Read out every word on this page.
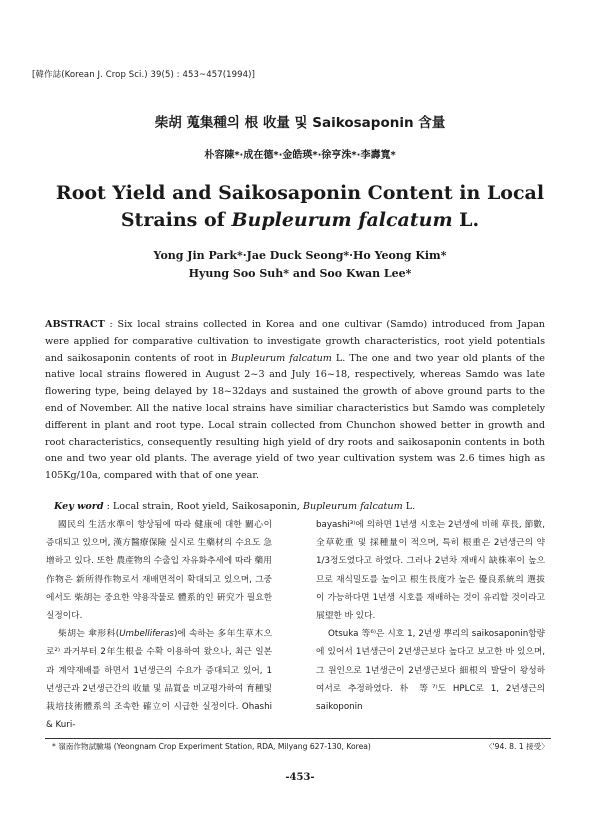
[韓作誌(Korean J. Crop Sci.) 39(5) : 453~457(1994)]
柴胡 蒐集種의 根 收量 및 Saikosaponin 含量
朴容陳*·成在德*·金皓瑛*·徐亨洙*·李壽寬*
Root Yield and Saikosaponin Content in Local
Strains of Bupleurum falcatum L.
Yong Jin Park*·Jae Duck Seong*·Ho Yeong Kim*
Hyung Soo Suh* and Soo Kwan Lee*
ABSTRACT : Six local strains collected in Korea and one cultivar (Samdo) introduced from Japan were applied for comparative cultivation to investigate growth characteristics, root yield potentials and saikosaponin contents of root in Bupleurum falcatum L. The one and two year old plants of the native local strains flowered in August 2~3 and July 16~18, respectively, whereas Samdo was late flowering type, being delayed by 18~32days and sustained the growth of above ground parts to the end of November. All the native local strains have similiar characteristics but Samdo was completely different in plant and root type. Local strain collected from Chunchon showed better in growth and root characteristics, consequently resulting high yield of dry roots and saikosaponin contents in both one and two year old plants. The average yield of two year cultivation system was 2.6 times high as 105Kg/10a, compared with that of one year.
Key word : Local strain, Root yield, Saikosaponin, Bupleurum falcatum L.

國民의 生活水準이 향상됨에 따라 健康에 대한 關心이 증대되고 있으며, 漢方醫療保險 실시로 生藥材의 수요도 急增하고 있다. 또한 農產物의 수출입 자유화추세에 따라 藥用作物은 新所得作物로서 재배면적이 확대되고 있으며, 그중에서도 柴胡는 중요한 약용작물로 體系的인 硏究가 필요한 실정이다.

柴胡는 傘形科(Umbelliferas)에 속하는 多年生草木으로²⁾ 과거부터 2年生根을 수확 이용하여 왔으나, 최근 일본과 계약재배를 하면서 1년생근의 수요가 증대되고 있어, 1년생근과 2년생근간의 收量 및 品質을 비교평가하여 育種및 栽培技術體系의 조속한 確立이 시급한 실정이다. Ohashi & Kuri-

bayashi³⁾에 의하면 1년생 시호는 2년생에 비해 草長, 節數, 全草乾重 및 採種量이 적으며, 특히 根重은 2년생근의 약 1/3정도였다고 하였다. 그러나 2년차 재배시 缺株率이 높으므로 재식밀도를 높이고 根生長度가 높은 優良系統의 選拔이 가능하다면 1년생 시호를 재배하는 것이 유리할 것이라고 展望한 바 있다.

Otsuka 等⁶⁾은 시호 1, 2년생 뿌리의 saikosaponin함량에 있어서 1년생근이 2년생근보다 높다고 보고한 바 있으며, 그 원인으로 1년생근이 2년생근보다 細根의 발달이 왕성하여서로 추정하였다. 朴 等⁷⁾도 HPLC로 1, 2년생근의 saikoponin

* 嶺南作物試驗場 (Yeongnam Crop Experiment Station, RDA, Milyang 627-130, Korea)	〈'94. 8. 1 接受〉
-453-
